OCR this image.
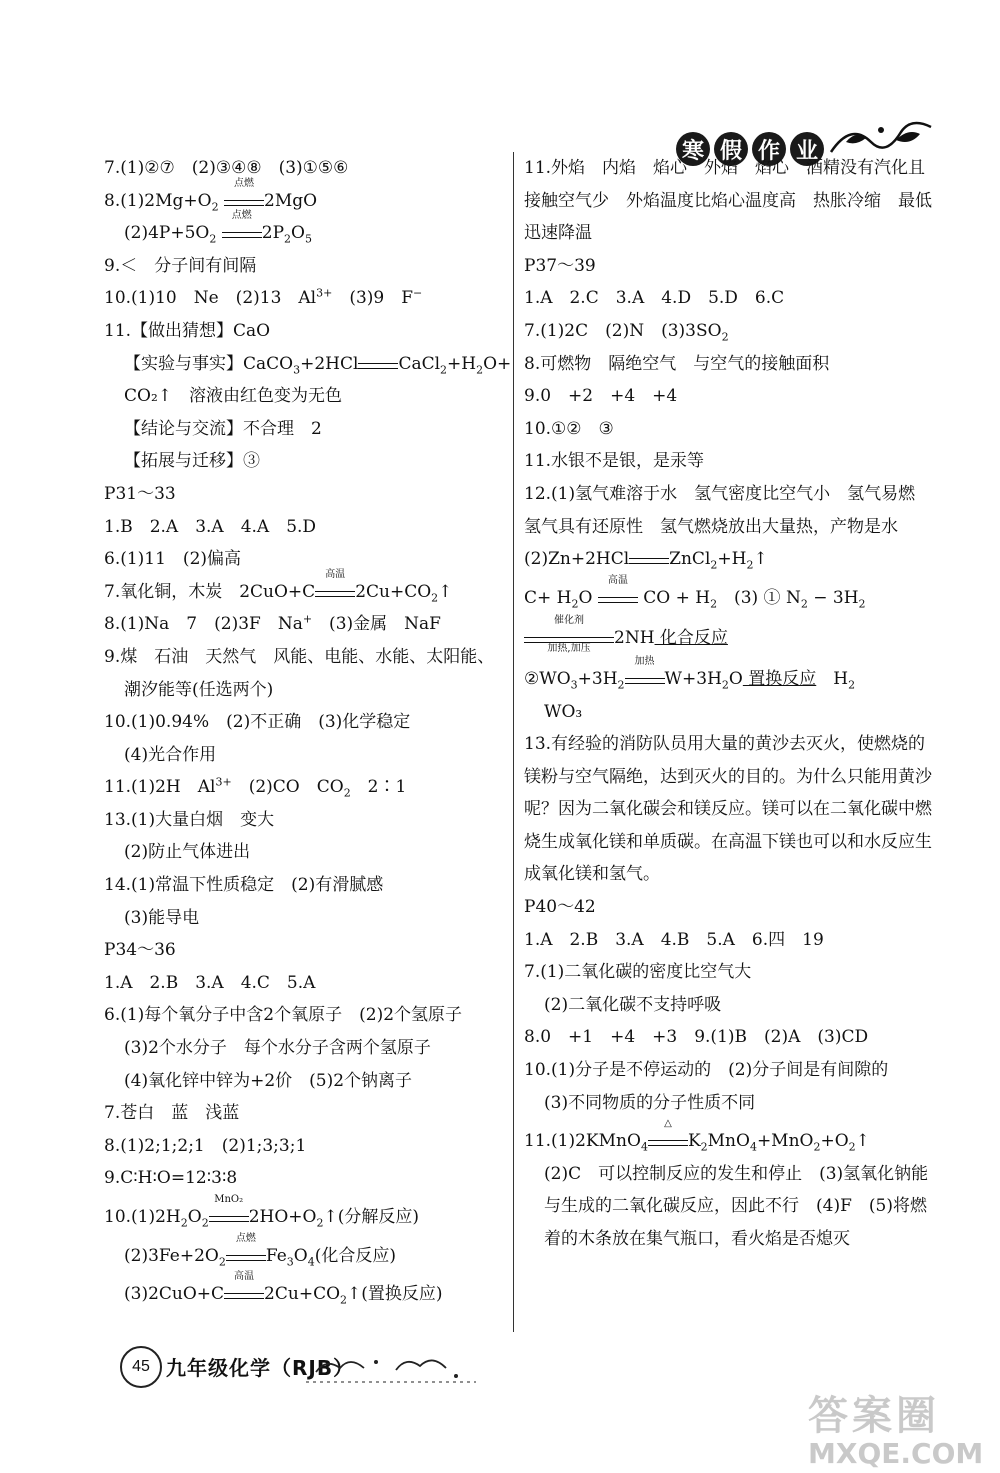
寒 假 作 业
7.(1)②⑦　(2)③④⑧　(3)①⑤⑥
$8.(1)2Mg+O_2$
点燃
2MgO
$(2)4P+5O_2$
点燃
$2P_2O_5$
9.＜　分子间有间隔
10.(1)10　Ne　(2)13　$Al^{3+}$　(3)9　F−
11.【做出猜想】CaO
【实验与事实】CaCO$_3$+2HCl $CaCl_2+H_2O+$
CO₂↑　溶液由红色变为无色
【结论与交流】不合理　2
【拓展与迁移】③
P31～33
1.B　2.A　3.A　4.A　5.D
6.(1)11　(2)偏高
7.氧化铜，木炭　2CuO+C
高温
$2Cu+CO_2↑$
8.(1)Na　7　(2)3F　Na+　(3)金属　NaF
9.煤　石油　天然气　风能、电能、水能、太阳能、
潮汐能等(任选两个)
10.(1)0.94%　(2)不正确　(3)化学稳定
(4)光合作用
11.(1)2H　$Al^{3+}$　(2)CO　$CO_2$　2∶1
13.(1)大量白烟　变大
(2)防止气体进出
14.(1)常温下性质稳定　(2)有滑腻感
(3)能导电
P34～36
1.A　2.B　3.A　4.C　5.A
6.(1)每个氧分子中含2个氧原子　(2)2个氢原子
(3)2个水分子　每个水分子含两个氢原子
(4)氧化锌中锌为+2价　(5)2个钠离子
7.苍白　蓝　浅蓝
8.(1)2;1;2;1　(2)1;3;3;1
9.C∶H∶O=12∶3∶8
$10.(1)2H_2O_2$
MnO₂
$2HO+O_2↑$(分解反应)
$(2)3Fe+2O_2$
点燃
$Fe_3O_4$(化合反应)
(3)2CuO+C
高温
$2Cu+CO_2↑$(置换反应)
11.外焰　内焰　焰心　外焰　焰心　酒精没有汽化且接触空气少　外焰温度比焰心温度高　热胀冷缩　最低　迅速降温
P37～39
1.A　2.C　3.A　4.D　5.D　6.C
7.(1)2C　(2)N　$(3)3SO_2$
8.可燃物　隔绝空气　与空气的接触面积
9.0　+2　+4　+4
10.①②　③
11.水银不是银，是汞等
12.(1)氢气难溶于水　氢气密度比空气小　氢气易燃　氢气具有还原性　氢气燃烧放出大量热，产物是水　(2)Zn+2HCl $ZnCl_2+H_2↑$
$C+ H_2O$
高温
CO + $H_2$　(3) ① $N_2 - 3H_2$
催化剂
加热,加压
2NH 化合反应
$②WO_3+3H_2$
加热
$W+3H_2O$ 置换反应　$H_2$
WO₃
13.有经验的消防队员用大量的黄沙去灭火，使燃烧的镁粉与空气隔绝，达到灭火的目的。为什么只能用黄沙呢？因为二氧化碳会和镁反应。镁可以在二氧化碳中燃烧生成氧化镁和单质碳。在高温下镁也可以和水反应生成氧化镁和氢气。
P40～42
1.A　2.B　3.A　4.B　5.A　6.四　19
7.(1)二氧化碳的密度比空气大
(2)二氧化碳不支持呼吸
8.0　+1　+4　+3　9.(1)B　(2)A　(3)CD
10.(1)分子是不停运动的　(2)分子间是有间隙的
(3)不同物质的分子性质不同
11.(1)2KMnO$_4$
△
$K_2MnO_4+MnO_2+O_2↑$
(2)C　可以控制反应的发生和停止　(3)氢氧化钠能与生成的二氧化碳反应，因此不行　(4)F　(5)将燃着的木条放在集气瓶口，看火焰是否熄灭
45 九年级化学（RJB）
答案圈
MXQE.COM
